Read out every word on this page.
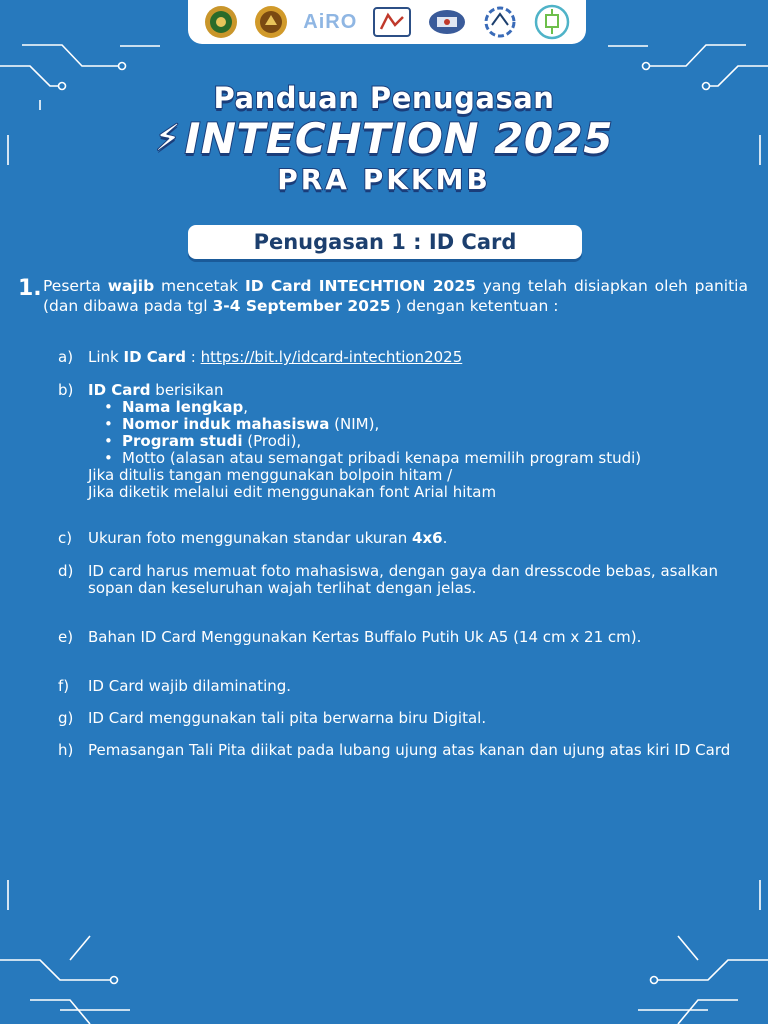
AiRO
Panduan Penugasan
⚡ INTECHTION 2025
PRA PKKMB
Penugasan 1 : ID Card
1. Peserta wajib mencetak ID Card INTECHTION 2025 yang telah disiapkan oleh panitia (dan dibawa pada tgl 3-4 September 2025 ) dengan ketentuan :
a) Link ID Card : https://bit.ly/idcard-intechtion2025
b) ID Card berisikan
• Nama lengkap,
• Nomor induk mahasiswa (NIM),
• Program studi (Prodi),
• Motto (alasan atau semangat pribadi kenapa memilih program studi)
Jika ditulis tangan menggunakan bolpoin hitam /
Jika diketik melalui edit menggunakan font Arial hitam
c) Ukuran foto menggunakan standar ukuran 4x6.
d) ID card harus memuat foto mahasiswa, dengan gaya dan dresscode bebas, asalkan sopan dan keseluruhan wajah terlihat dengan jelas.
e) Bahan ID Card Menggunakan Kertas Buffalo Putih Uk A5 (14 cm x 21 cm).
f) ID Card wajib dilaminating.
g) ID Card menggunakan tali pita berwarna biru Digital.
h) Pemasangan Tali Pita diikat pada lubang ujung atas kanan dan ujung atas kiri ID Card
